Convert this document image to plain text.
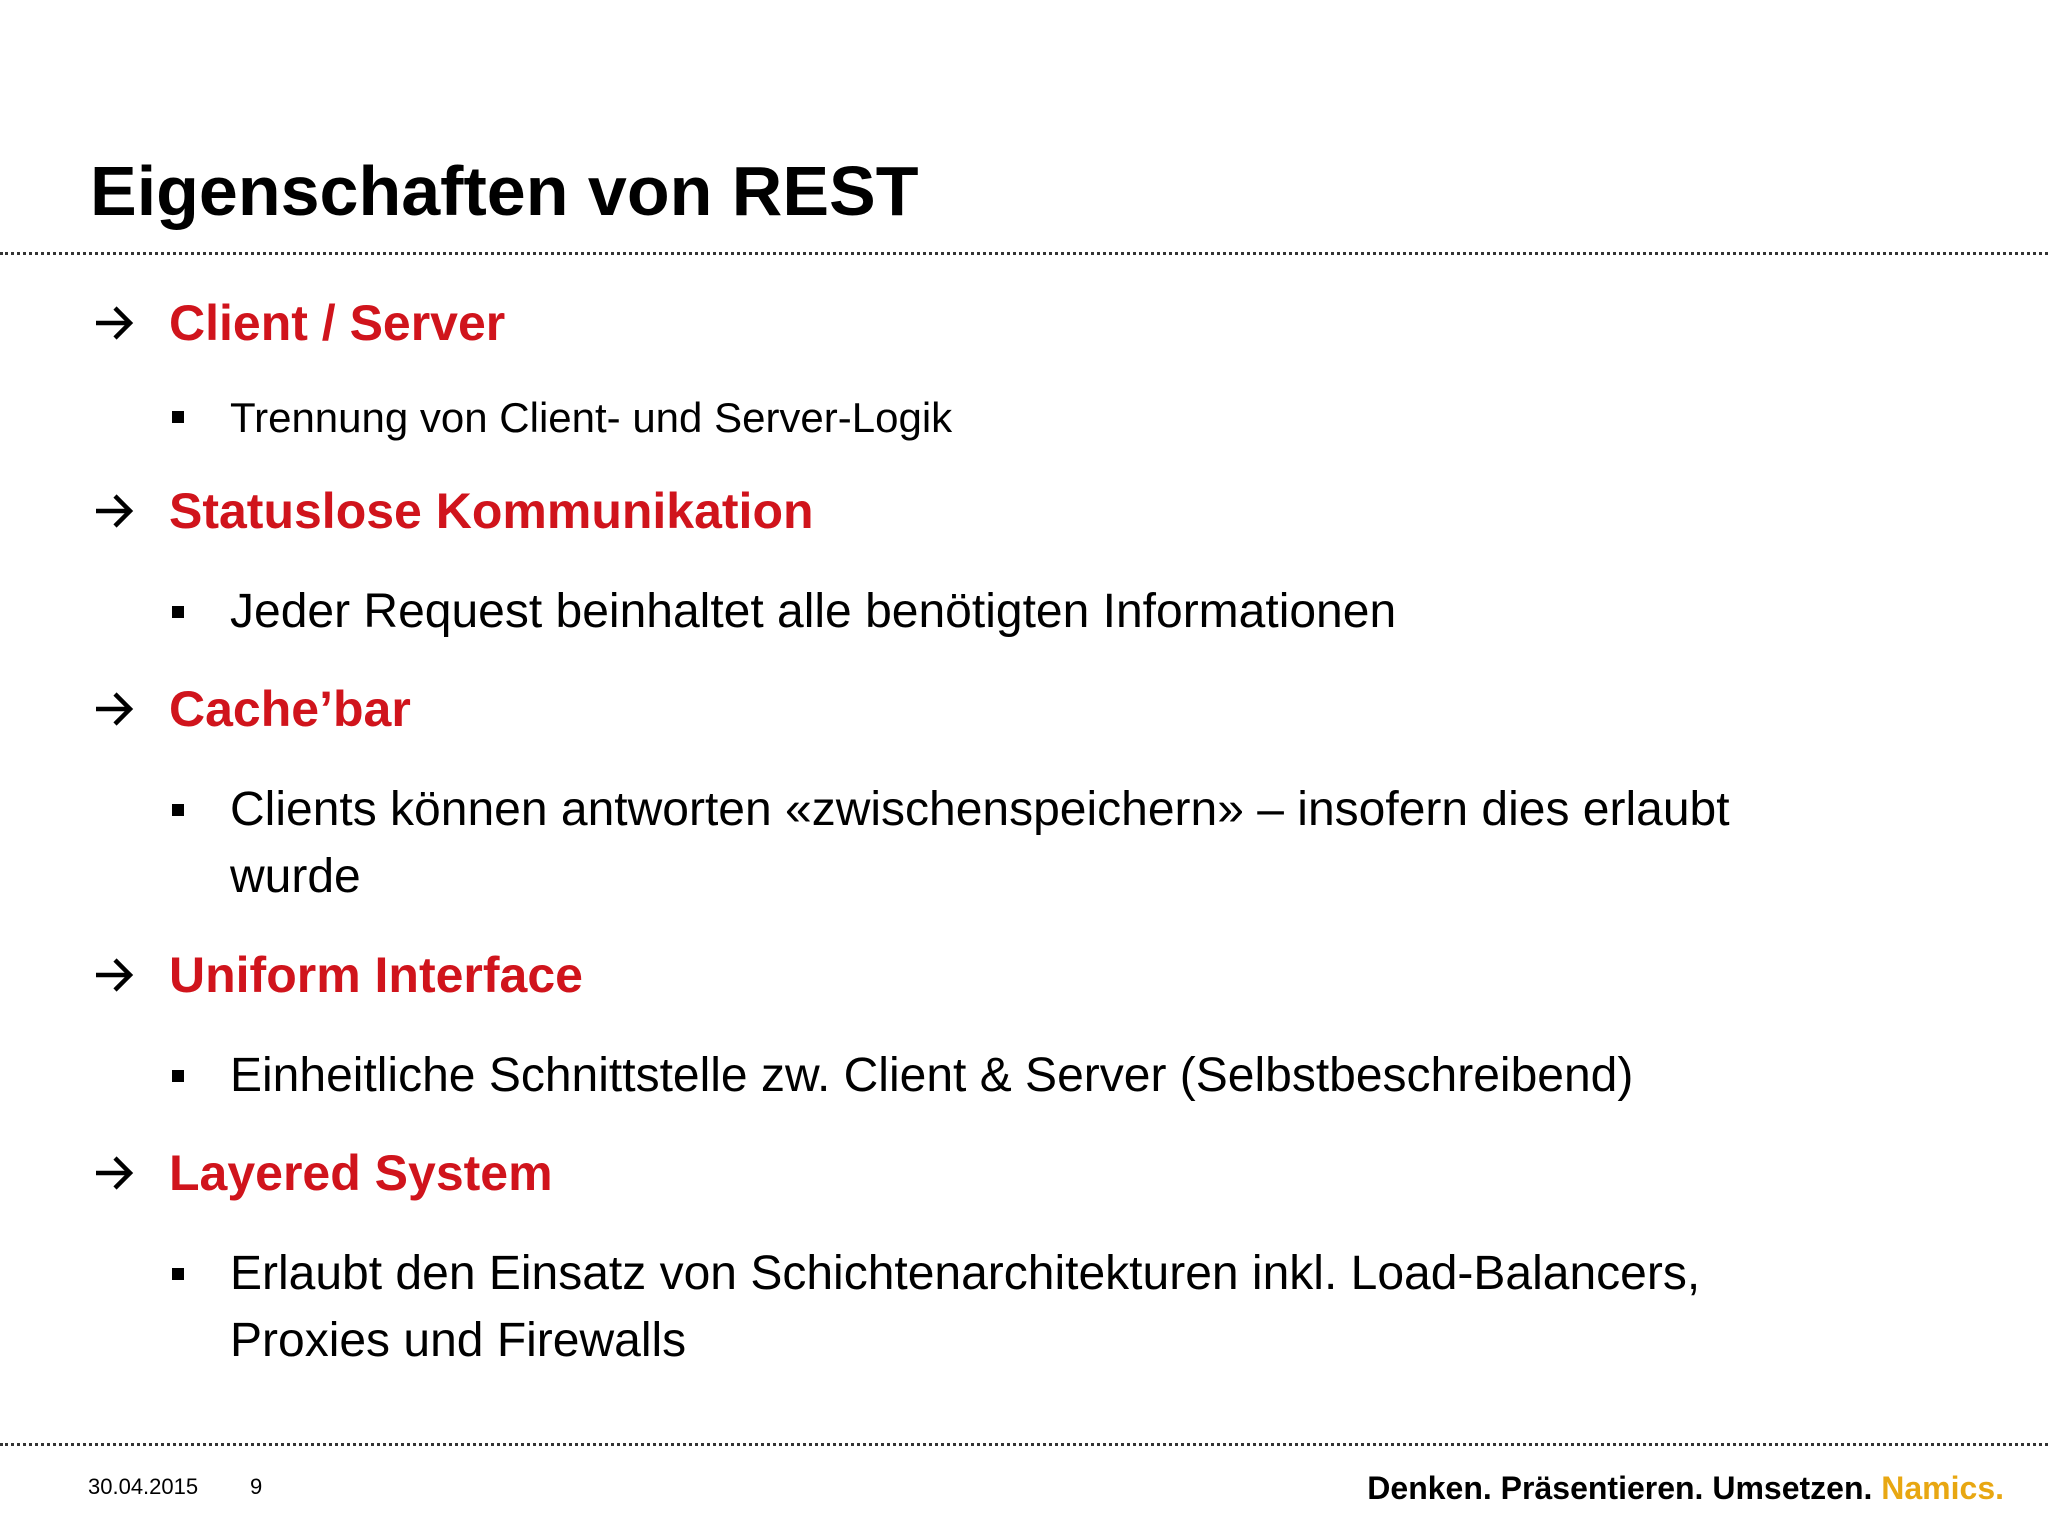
Eigenschaften von REST
Client / Server
Trennung von Client- und Server-Logik
Statuslose Kommunikation
Jeder Request beinhaltet alle benötigten Informationen
Cache’bar
Clients können antworten «zwischenspeichern» – insofern dies erlaubt wurde
Uniform Interface
Einheitliche Schnittstelle zw. Client & Server (Selbstbeschreibend)
Layered System
Erlaubt den Einsatz von Schichtenarchitekturen inkl. Load-Balancers, Proxies und Firewalls
30.04.2015 9	Denken. Präsentieren. Umsetzen. Namics.
